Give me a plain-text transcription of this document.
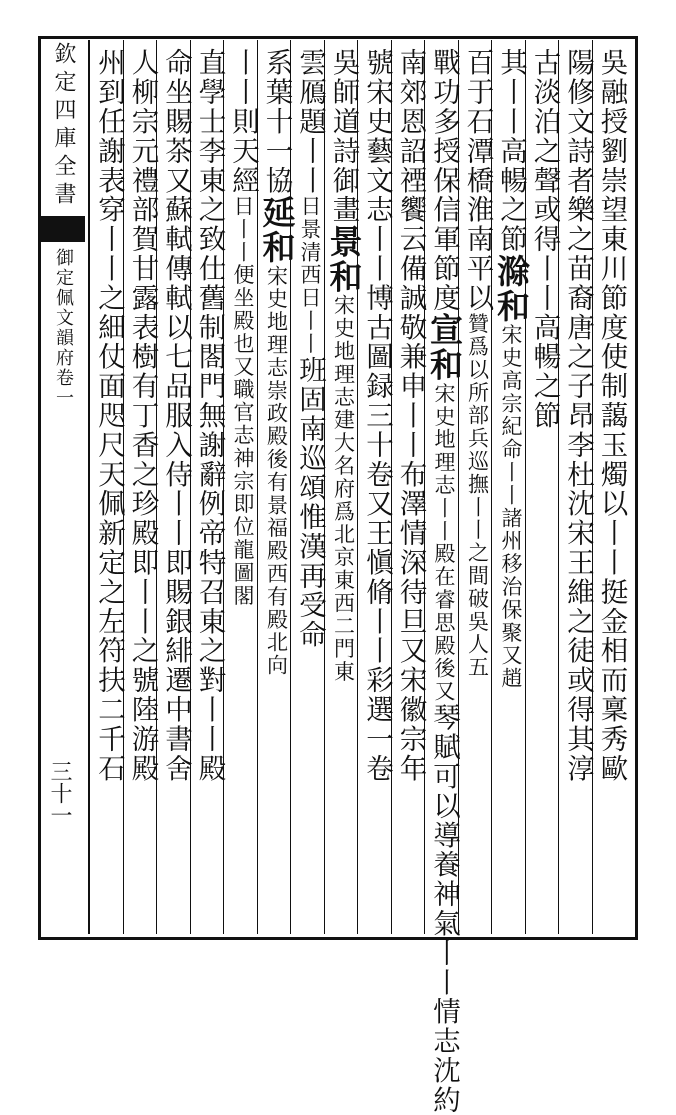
欽定四庫全書御定佩文韻府卷一
三十一
吳融授劉崇望東川節度使制藹玉燭以丨丨挺金相而稟秀歐
陽修文詩者樂之苗裔唐之子昂李杜沈宋王維之徒或得其淳
古淡泊之聲或得丨丨高暢之節
其丨丨高暢之節滁和宋史高宗紀命丨丨諸州移治保聚又趙
百于石潭橋淮南平以贊爲以所部兵巡撫丨丨之間破吳人五
戰功多授保信軍節度宣和宋史地理志丨丨殿在睿思殿後又琴賦可以導養神氣丨丨情志沈約
南郊恩詔禋饗云備誠敬兼申丨丨布澤情深待旦又宋徽宗年
號宋史藝文志丨丨博古圖録三十卷又王愼脩丨丨彩選一卷
吳師道詩御畫景和宋史地理志建大名府爲北京東西二門東
雲鴈題丨丨日景清西日丨丨班固南巡頌惟漢再受命
系葉十一協延和宋史地理志崇政殿後有景福殿西有殿北向
丨丨則天經日丨丨便坐殿也又職官志神宗即位龍圖閣
直學士李東之致仕舊制閤門無謝辭例帝特召東之對丨丨殿
命坐賜茶又蘇軾傳軾以七品服入侍丨丨即賜銀緋遷中書舍
人柳宗元禮部賀甘露表樹有丁香之珍殿即丨丨之號陸游殿
州到任謝表穿丨丨之細仗面咫尺天佩新定之左符扶二千石
